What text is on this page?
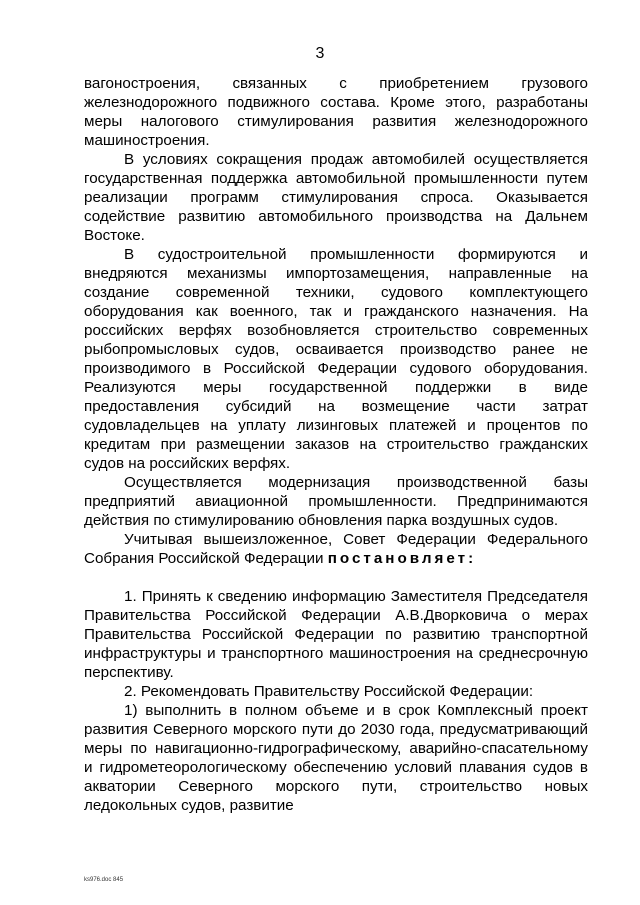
3

вагоностроения, связанных с приобретением грузового железнодорожного подвижного состава. Кроме этого, разработаны меры налогового стимулирования развития железнодорожного машиностроения.

В условиях сокращения продаж автомобилей осуществляется государственная поддержка автомобильной промышленности путем реализации программ стимулирования спроса. Оказывается содействие развитию автомобильного производства на Дальнем Востоке.

В судостроительной промышленности формируются и внедряются механизмы импортозамещения, направленные на создание современной техники, судового комплектующего оборудования как военного, так и гражданского назначения. На российских верфях возобновляется строительство современных рыбопромысловых судов, осваивается производство ранее не производимого в Российской Федерации судового оборудования. Реализуются меры государственной поддержки в виде предоставления субсидий на возмещение части затрат судовладельцев на уплату лизинговых платежей и процентов по кредитам при размещении заказов на строительство гражданских судов на российских верфях.

Осуществляется модернизация производственной базы предприятий авиационной промышленности. Предпринимаются действия по стимулированию обновления парка воздушных судов.

Учитывая вышеизложенное, Совет Федерации Федерального Собрания Российской Федерации постановляет:

1. Принять к сведению информацию Заместителя Председателя Правительства Российской Федерации А.В.Дворковича о мерах Правительства Российской Федерации по развитию транспортной инфраструктуры и транспортного машиностроения на среднесрочную перспективу.

2. Рекомендовать Правительству Российской Федерации:

1) выполнить в полном объеме и в срок Комплексный проект развития Северного морского пути до 2030 года, предусматривающий меры по навигационно-гидрографическому, аварийно-спасательному и гидрометеорологическому обеспечению условий плавания судов в акватории Северного морского пути, строительство новых ледокольных судов, развитие

ks976.doc 845
